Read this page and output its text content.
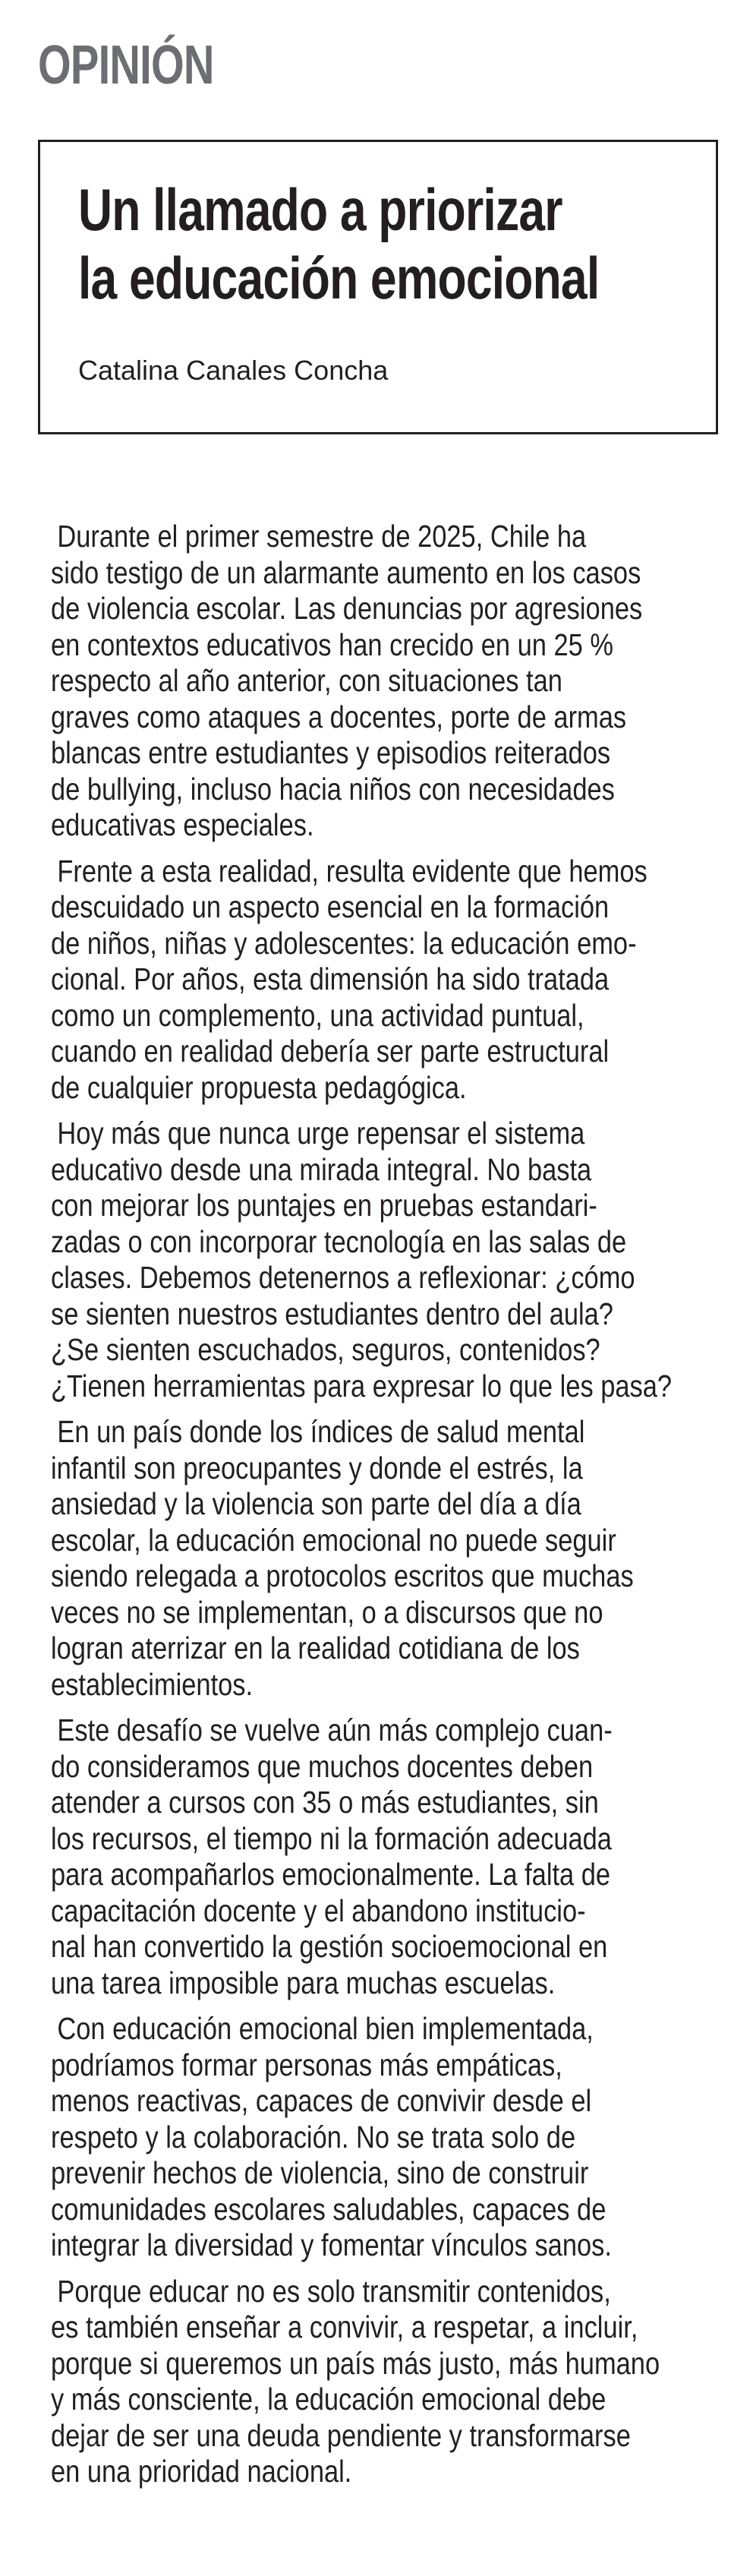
OPINIÓN
Un llamado a priorizar
la educación emocional
Catalina Canales Concha
Durante el primer semestre de 2025, Chile ha
sido testigo de un alarmante aumento en los casos
de violencia escolar. Las denuncias por agresiones
en contextos educativos han crecido en un 25 %
respecto al año anterior, con situaciones tan
graves como ataques a docentes, porte de armas
blancas entre estudiantes y episodios reiterados
de bullying, incluso hacia niños con necesidades
educativas especiales.
Frente a esta realidad, resulta evidente que hemos
descuidado un aspecto esencial en la formación
de niños, niñas y adolescentes: la educación emo-
cional. Por años, esta dimensión ha sido tratada
como un complemento, una actividad puntual,
cuando en realidad debería ser parte estructural
de cualquier propuesta pedagógica.
Hoy más que nunca urge repensar el sistema
educativo desde una mirada integral. No basta
con mejorar los puntajes en pruebas estandari-
zadas o con incorporar tecnología en las salas de
clases. Debemos detenernos a reflexionar: ¿cómo
se sienten nuestros estudiantes dentro del aula?
¿Se sienten escuchados, seguros, contenidos?
¿Tienen herramientas para expresar lo que les pasa?
En un país donde los índices de salud mental
infantil son preocupantes y donde el estrés, la
ansiedad y la violencia son parte del día a día
escolar, la educación emocional no puede seguir
siendo relegada a protocolos escritos que muchas
veces no se implementan, o a discursos que no
logran aterrizar en la realidad cotidiana de los
establecimientos.
Este desafío se vuelve aún más complejo cuan-
do consideramos que muchos docentes deben
atender a cursos con 35 o más estudiantes, sin
los recursos, el tiempo ni la formación adecuada
para acompañarlos emocionalmente. La falta de
capacitación docente y el abandono institucio-
nal han convertido la gestión socioemocional en
una tarea imposible para muchas escuelas.
Con educación emocional bien implementada,
podríamos formar personas más empáticas,
menos reactivas, capaces de convivir desde el
respeto y la colaboración. No se trata solo de
prevenir hechos de violencia, sino de construir
comunidades escolares saludables, capaces de
integrar la diversidad y fomentar vínculos sanos.
Porque educar no es solo transmitir contenidos,
es también enseñar a convivir, a respetar, a incluir,
porque si queremos un país más justo, más humano
y más consciente, la educación emocional debe
dejar de ser una deuda pendiente y transformarse
en una prioridad nacional.
